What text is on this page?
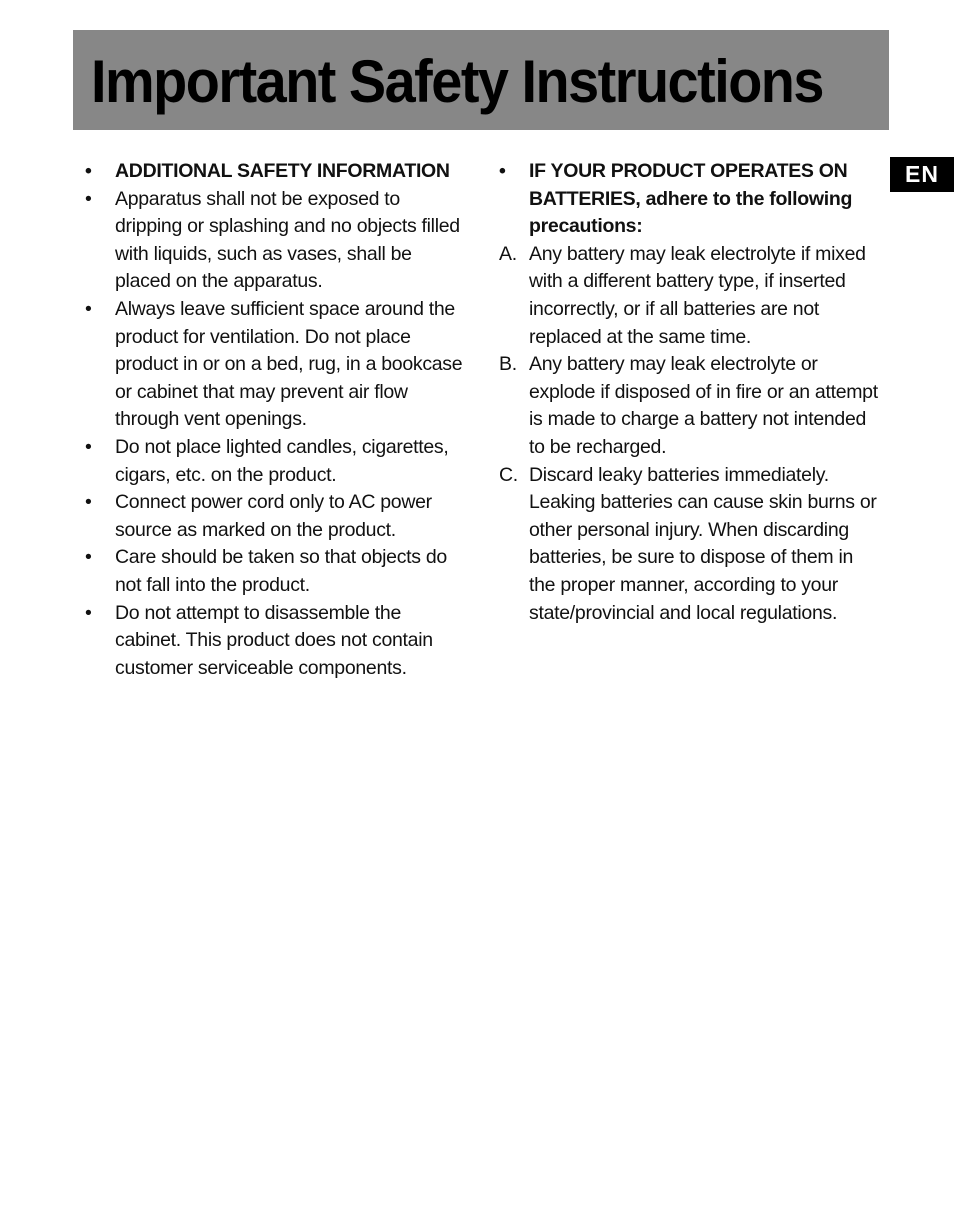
Important Safety Instructions
EN
•	ADDITIONAL SAFETY INFORMATION
•	Apparatus shall not be exposed to dripping or splashing and no objects filled with liquids, such as vases, shall be placed on the apparatus.
•	Always leave sufficient space around the product for ventilation. Do not place product in or on a bed, rug, in a bookcase or cabinet that may prevent air flow through vent openings.
•	Do not place lighted candles, cigarettes, cigars, etc. on the product.
•	Connect power cord only to AC power source as marked on the product.
•	Care should be taken so that objects do not fall into the product.
•	Do not attempt to disassemble the cabinet. This product does not contain customer serviceable components.
•	IF YOUR PRODUCT OPERATES ON BATTERIES, adhere to the following precautions:
A. Any battery may leak electrolyte if mixed with a different battery type, if inserted incorrectly, or if all batteries are not replaced at the same time.
B. Any battery may leak electrolyte or explode if disposed of in fire or an attempt is made to charge a battery not intended to be recharged.
C. Discard leaky batteries immediately. Leaking batteries can cause skin burns or other personal injury. When discarding batteries, be sure to dispose of them in the proper manner, according to your state/provincial and local regulations.
